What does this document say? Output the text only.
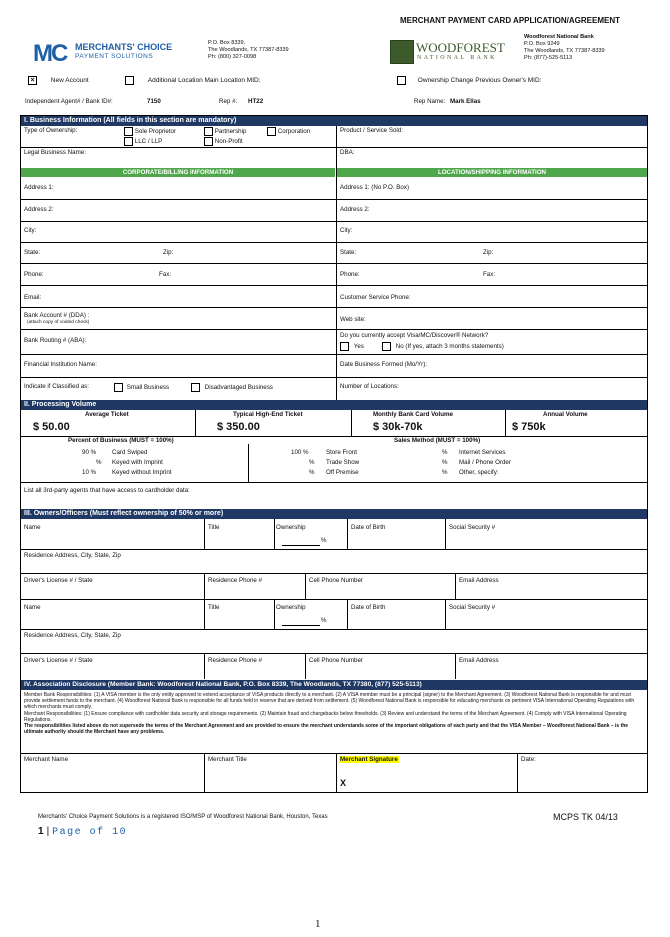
MERCHANT PAYMENT CARD APPLICATION/AGREEMENT
MC MERCHANTS' CHOICE
PAYMENT SOLUTIONS
P.O. Box 8339,
The Woodlands, TX 77387-8339
Ph: (800) 327-0098
WOODFOREST
NATIONAL BANK
Woodforest National Bank
P.O. Box 9249
The Woodlands, TX 77387-8339
Ph: (877)-525-5113
× New Account	Additional Location Main Location MID:	Ownership Change Previous Owner's MID:
Independent Agent# / Bank ID#:	7150	Rep #: HT22	Rep Name: Mark Ellas
I. Business Information (All fields in this section are mandatory)
Type of Ownership:	Sole Proprietor	Partnership	Corporation
LLC / LLP	Non-Profit
Product / Service Sold:
Legal Business Name:	DBA:
CORPORATE/BILLING INFORMATION	LOCATION/SHIPPING INFORMATION
Address 1:	Address 1: (No P.O. Box)
Address 2:	Address 2:
City:	City:
State:	Zip:	State:	Zip:
Phone:	Fax:	Phone:	Fax:
Email:	Customer Service Phone:
Bank Account # (DDA) :
(attach copy of voided check)	Web site:
Bank Routing # (ABA):
Do you currently accept Visa/MC/Discover® Network?
Yes	No (If yes, attach 3 months statements)
Financial Institution Name:	Date Business Formed (Mo/Yr):
Indicate if Classified as:	Small Business	Disadvantaged Business	Number of Locations:
II. Processing Volume
Average Ticket	Typical High-End Ticket	Monthly Bank Card Volume	Annual Volume
$ 50.00	$ 350.00	$ 30k-70k	$ 750k
Percent of Business (MUST = 100%)	Sales Method (MUST = 100%)
90 %	Card Swiped
% Keyed with Imprint
10 %	Keyed without Imprint
100 %	Store Front
% Trade Show
% Off Premise
% Internet Services
% Mail / Phone Order
% Other, specify:
List all 3rd-party agents that have access to cardholder data:
III. Owners/Officers (Must reflect ownership of 50% or more)
Name	Title	Ownership
%
Date of Birth	Social Security #
Residence Address, City, State, Zip
Driver's License # / State	Residence Phone #	Cell Phone Number	Email Address
Name	Title	Ownership
%
Date of Birth	Social Security #
Residence Address, City, State, Zip
Driver's License # / State	Residence Phone #	Cell Phone Number	Email Address
IV. Association Disclosure (Member Bank: Woodforest National Bank, P.O. Box 8339, The Woodlands, TX 77380, (877) 525-5113)
Member Bank Responsibilities: (1) A VISA member is the only entity approved to extend acceptance of VISA products directly to a merchant. (2) A VISA member must be a principal (signer) to the Merchant Agreement. (3) Woodforest National Bank is responsible for and must provide settlement funds to the merchant. (4) Woodforest National Bank is responsible for all funds held in reserve that are derived from settlement. (5) Woodforest National Bank is responsible for educating merchants on pertinent VISA International Operating Regulations with which merchants must comply.
Merchant Responsibilities: (1) Ensure compliance with cardholder data security and storage requirements. (2) Maintain fraud and chargebacks below thresholds. (3) Review and understand the terms of the Merchant Agreement. (4) Comply with VISA International Operating Regulations.
The responsibilities listed above do not supersede the terms of the Merchant Agreement and are provided to ensure the merchant understands some of the important obligations of each party and that the VISA Member – Woodforest National Bank – is the ultimate authority should the Merchant have any problems.
Merchant Name	Merchant Title	Merchant Signature
X
Date:
Merchants' Choice Payment Solutions is a registered ISO/MSP of Woodforest National Bank, Houston, Texas	MCPS TK 04/13
1 | Page of 10
1
